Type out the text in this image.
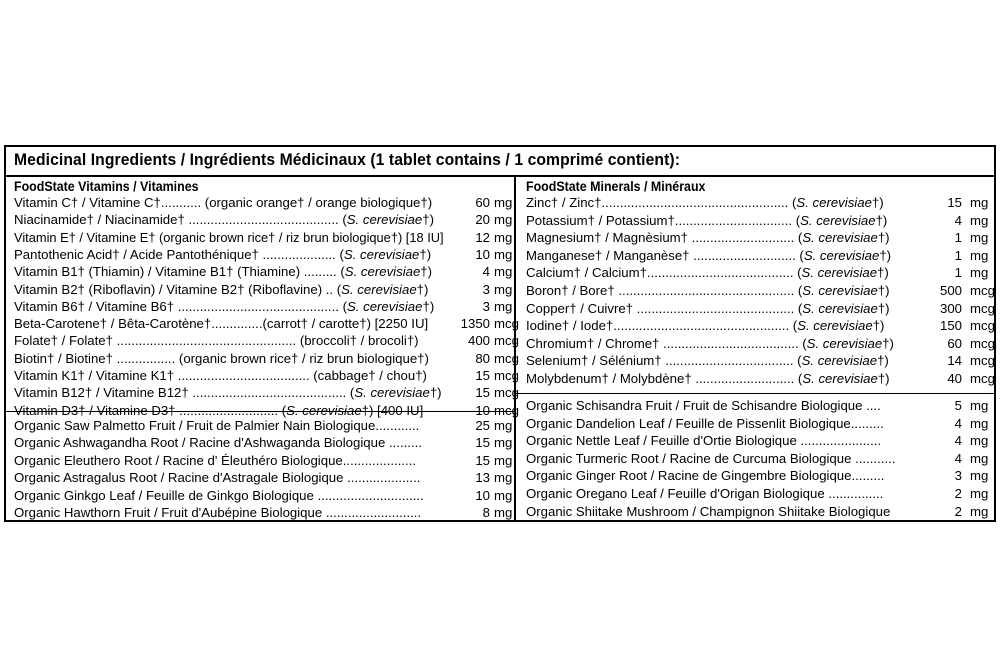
Medicinal Ingredients / Ingrédients Médicinaux (1 tablet contains / 1 comprimé contient):
FoodState Vitamins / Vitamines
Vitamin C† / Vitamine C†........... (organic orange† / orange biologique†)	60 mg
Niacinamide† / Niacinamide† ......................................... (S. cerevisiae†)	20 mg
Vitamin E† / Vitamine E† (organic brown rice† / riz brun biologique†) [18 IU]	12 mg
Pantothenic Acid† / Acide Pantothénique† .................... (S. cerevisiae†)	10 mg
Vitamin B1† (Thiamin) / Vitamine B1† (Thiamine) ......... (S. cerevisiae†)	4 mg
Vitamin B2† (Riboflavin) / Vitamine B2† (Riboflavine) .. (S. cerevisiae†)	3 mg
Vitamin B6† / Vitamine B6† ............................................ (S. cerevisiae†)	3 mg
Beta-Carotene† / Bêta-Carotène†..............(carrot† / carotte†) [2250 IU]	1350 mcg
Folate† / Folate† ................................................. (broccoli† / brocoli†)	400 mcg
Biotin† / Biotine† ................ (organic brown rice† / riz brun biologique†)	80 mcg
Vitamin K1† / Vitamine K1† .................................... (cabbage† / chou†)	15 mcg
Vitamin B12† / Vitamine B12† .......................................... (S. cerevisiae†)	15 mcg
Vitamin D3† / Vitamine D3† ........................... (S. cerevisiae†) [400 IU]	10 mcg
Organic Saw Palmetto Fruit / Fruit de Palmier Nain Biologique............	25 mg
Organic Ashwagandha Root / Racine d'Ashwaganda Biologique .........	15 mg
Organic Eleuthero Root / Racine d' Éleuthéro Biologique....................	15 mg
Organic Astragalus Root / Racine d'Astragale Biologique ....................	13 mg
Organic Ginkgo Leaf / Feuille de Ginkgo Biologique .............................	10 mg
Organic Hawthorn Fruit / Fruit d'Aubépine Biologique ..........................	8 mg
FoodState Minerals / Minéraux
Zinc† / Zinc†................................................... (S. cerevisiae†)	15 mg
Potassium† / Potassium†................................ (S. cerevisiae†)	4 mg
Magnesium† / Magnèsium† ............................ (S. cerevisiae†)	1 mg
Manganese† / Manganèse† ............................ (S. cerevisiae†)	1 mg
Calcium† / Calcium†........................................ (S. cerevisiae†)	1 mg
Boron† / Bore† ................................................ (S. cerevisiae†)	500 mcg
Copper† / Cuivre† ........................................... (S. cerevisiae†)	300 mcg
Iodine† / Iode†................................................ (S. cerevisiae†)	150 mcg
Chromium† / Chrome† ..................................... (S. cerevisiae†)	60 mcg
Selenium† / Sélénium† ................................... (S. cerevisiae†)	14 mcg
Molybdenum† / Molybdène† ........................... (S. cerevisiae†)	40 mcg
Organic Schisandra Fruit / Fruit de Schisandre Biologique ....	5 mg
Organic Dandelion Leaf / Feuille de Pissenlit Biologique.........	4 mg
Organic Nettle Leaf / Feuille d'Ortie Biologique ......................	4 mg
Organic Turmeric Root / Racine de Curcuma Biologique ...........	4 mg
Organic Ginger Root / Racine de Gingembre Biologique.........	3 mg
Organic Oregano Leaf / Feuille d'Origan Biologique ...............	2 mg
Organic Shiitake Mushroom / Champignon Shiitake Biologique	2 mg
